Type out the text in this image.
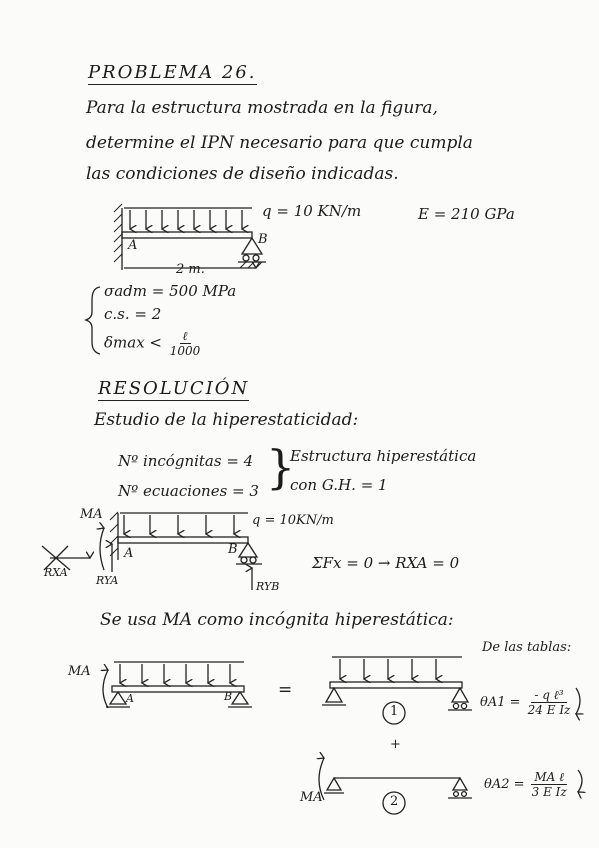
PROBLEMA 26.
Para la estructura mostrada en la figura,
determine el IPN necesario para que cumpla
las condiciones de diseño indicadas.
q = 10 KN/m	E = 210 GPa
A	B
2 m.
σadm = 500 MPa
c.s. = 2
$\delta\max < \frac{\text{ℓ}}{1000}$
RESOLUCIÓN
Estudio de la hiperestaticidad:
Nº incógnitas = 4
Nº ecuaciones = 3 }
Estructura hiperestática
con G.H. = 1
MA	q = 10KN/m
RXA
RYA	RYB
A	B
ΣFx = 0 → RXA = 0
Se usa MA como incógnita hiperestática:
De las tablas:
MA
A	B	=
1
+
2
MA
$\theta A1 = \frac{\text{- q ℓ³}}{\text{24 E Iz}}$
$\theta A2 = \frac{\text{MA ℓ}}{\text{3 E Iz}}$
